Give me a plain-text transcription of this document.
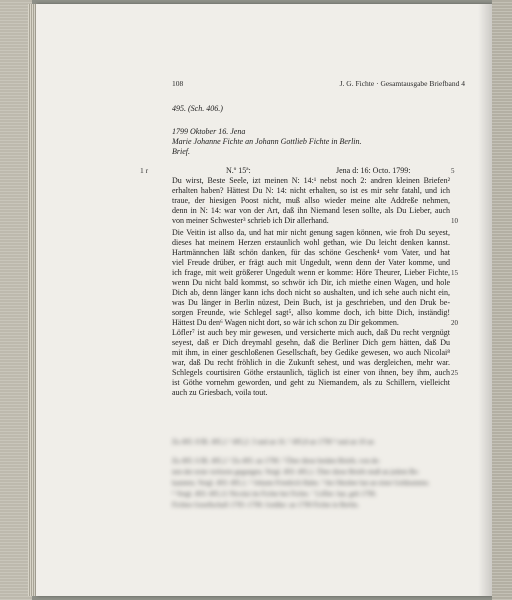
108	J. G. Fichte · Gesamtausgabe Briefband 4
495. (Sch. 406.)
1799 Oktober 16. Jena
Marie Johanne Fichte an Johann Gottlieb Fichte in Berlin.
Brief.
1 r	N.º 15ª:	Jena d: 16: Octo. 1799:	5
Du wirst, Beste Seele, izt meinen N: 14:¹ nebst noch 2: andren kleinen Briefen²
erhalten haben? Hättest Du N: 14: nicht erhalten, so ist es mir sehr fatahl, und ich
traue, der hiesigen Poost nicht, muß allso wieder meine alte Addreße nehmen,
denn in N: 14: war von der Art, daß ihn Niemand lesen sollte, als Du Lieber, auch
von meiner Schwester³ schrieb ich Dir allerhand.	10
Die Veitin ist allso da, und hat mir nicht genung sagen können, wie froh Du seyest,
dieses hat meinem Herzen erstaunlich wohl gethan, wie Du leicht denken kannst.
Hartmännchen läßt schön danken, für das schöne Geschenk⁴ vom Vater, und hat
viel Freude drüber, er frägt auch mit Ungedult, wenn denn der Vater komme, und
ich frage, mit weit größerer Ungedult wenn er komme: Höre Theurer, Lieber Fichte, 15
wenn Du nicht bald kommst, so schwör ich Dir, ich miethe einen Wagen, und hole
Dich ab, denn länger kann ichs doch nicht so aushalten, und ich sehe auch nicht ein,
was Du länger in Berlin nüzest, Dein Buch, ist ja geschrieben, und den Druk be-
sorgen Freunde, wie Schlegel sagt⁵, allso komme doch, ich bitte Dich, inständig!
Hättest Du den⁶ Wagen nicht dort, so wär ich schon zu Dir gekommen.	20
Löfler⁷ ist auch bey mir gewesen, und versicherte mich auch, daß Du recht vergnügt
seyest, daß er Dich dreymahl gesehn, daß die Berliner Dich gern hätten, daß Du
mit ihm, in einer geschloßenen Gesellschaft, bey Gedike gewesen, wo auch Nicolai⁸
war, daß Du recht fröhlich in die Zukunft sehest, und was dergleichen, mehr war.
Schlegels courtisiren Göthe erstaunlich, täglich ist einer von ihnen, bey ihm, auch 25
ist Göthe vornehm geworden, und geht zu Niemandem, als zu Schillern, vielleicht
auch zu Griesbach, voila tout.
Zu 495: 8 Bl. 495,1 ² 495,2: 3 und an 16. ³ 495,8 an 1799 ⁴ und an 10 an
Zu 495: 6 Bl. 495,1 ² Zu 495: an 1799. ³ Über diese beiden Briefe, von de-
nen der erste verloren gegangen, Vergl. 493: 495,1. Über diese Briefe muß an jedem Be-
kannten, Vergl. 493: 495,1. ⁴ Johann Friedrich Hahn. ⁵ Im Oktober hat an einer Geldsumme.
⁶ Vergl. 493: 495,11 Nicolai im Fichte bei Fichte. ⁷ Löfler: hat, geb 1799.
Fichtes Gesellschaft 1795–1799. Gedike: an 1799 Fichte in Berlin.
